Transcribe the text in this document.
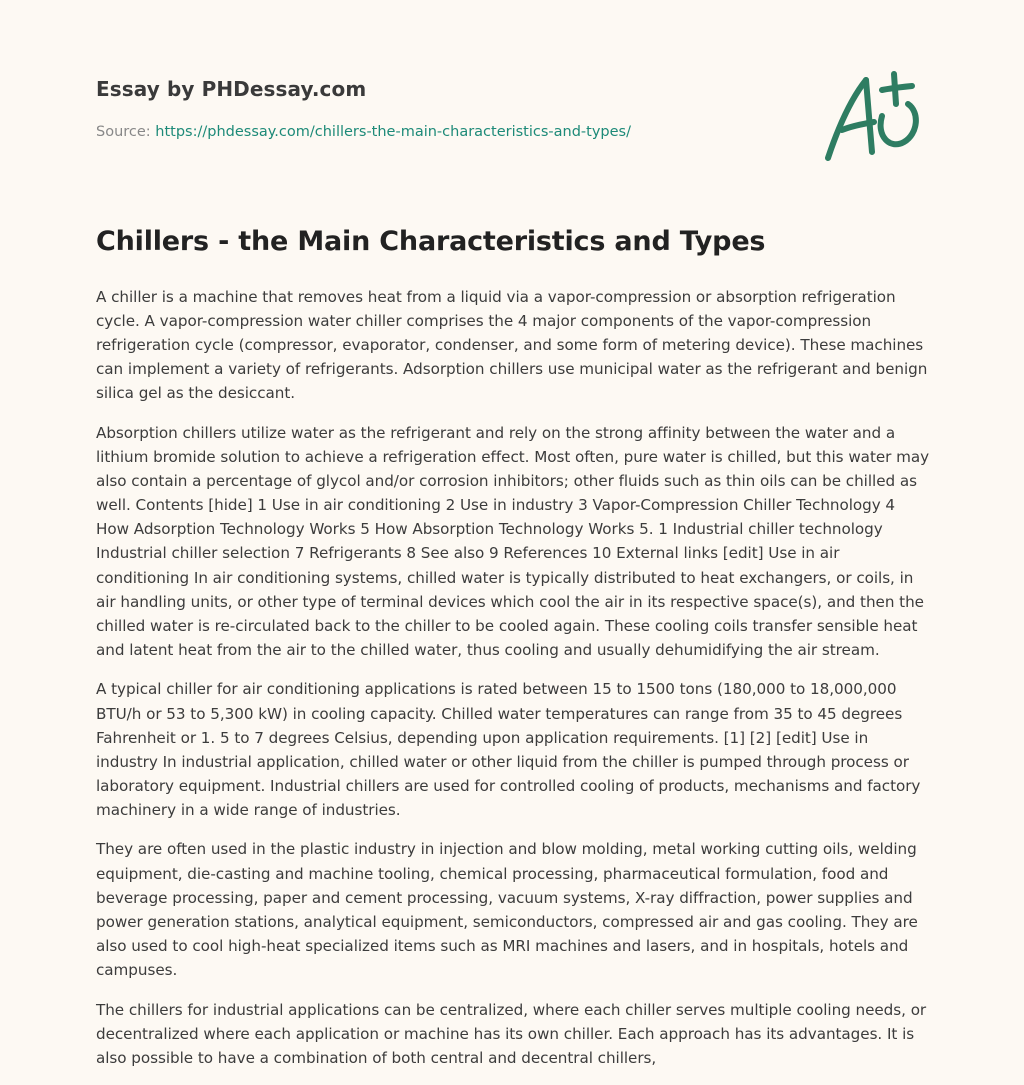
Essay by PHDessay.com
Source: https://phdessay.com/chillers-the-main-characteristics-and-types/
Chillers - the Main Characteristics and Types

A chiller is a machine that removes heat from a liquid via a vapor-compression or absorption refrigeration cycle. A vapor-compression water chiller comprises the 4 major components of the vapor-compression refrigeration cycle (compressor, evaporator, condenser, and some form of metering device). These machines can implement a variety of refrigerants. Adsorption chillers use municipal water as the refrigerant and benign silica gel as the desiccant.

Absorption chillers utilize water as the refrigerant and rely on the strong affinity between the water and a lithium bromide solution to achieve a refrigeration effect. Most often, pure water is chilled, but this water may also contain a percentage of glycol and/or corrosion inhibitors; other fluids such as thin oils can be chilled as well. Contents [hide] 1 Use in air conditioning 2 Use in industry 3 Vapor-Compression Chiller Technology 4 How Adsorption Technology Works 5 How Absorption Technology Works 5. 1 Industrial chiller technology Industrial chiller selection 7 Refrigerants 8 See also 9 References 10 External links [edit] Use in air conditioning In air conditioning systems, chilled water is typically distributed to heat exchangers, or coils, in air handling units, or other type of terminal devices which cool the air in its respective space(s), and then the chilled water is re-circulated back to the chiller to be cooled again. These cooling coils transfer sensible heat and latent heat from the air to the chilled water, thus cooling and usually dehumidifying the air stream.

A typical chiller for air conditioning applications is rated between 15 to 1500 tons (180,000 to 18,000,000 BTU/h or 53 to 5,300 kW) in cooling capacity. Chilled water temperatures can range from 35 to 45 degrees Fahrenheit or 1. 5 to 7 degrees Celsius, depending upon application requirements. [1] [2] [edit] Use in industry In industrial application, chilled water or other liquid from the chiller is pumped through process or laboratory equipment. Industrial chillers are used for controlled cooling of products, mechanisms and factory machinery in a wide range of industries.

They are often used in the plastic industry in injection and blow molding, metal working cutting oils, welding equipment, die-casting and machine tooling, chemical processing, pharmaceutical formulation, food and beverage processing, paper and cement processing, vacuum systems, X-ray diffraction, power supplies and power generation stations, analytical equipment, semiconductors, compressed air and gas cooling. They are also used to cool high-heat specialized items such as MRI machines and lasers, and in hospitals, hotels and campuses.

The chillers for industrial applications can be centralized, where each chiller serves multiple cooling needs, or decentralized where each application or machine has its own chiller. Each approach has its advantages. It is also possible to have a combination of both central and decentral chillers,
